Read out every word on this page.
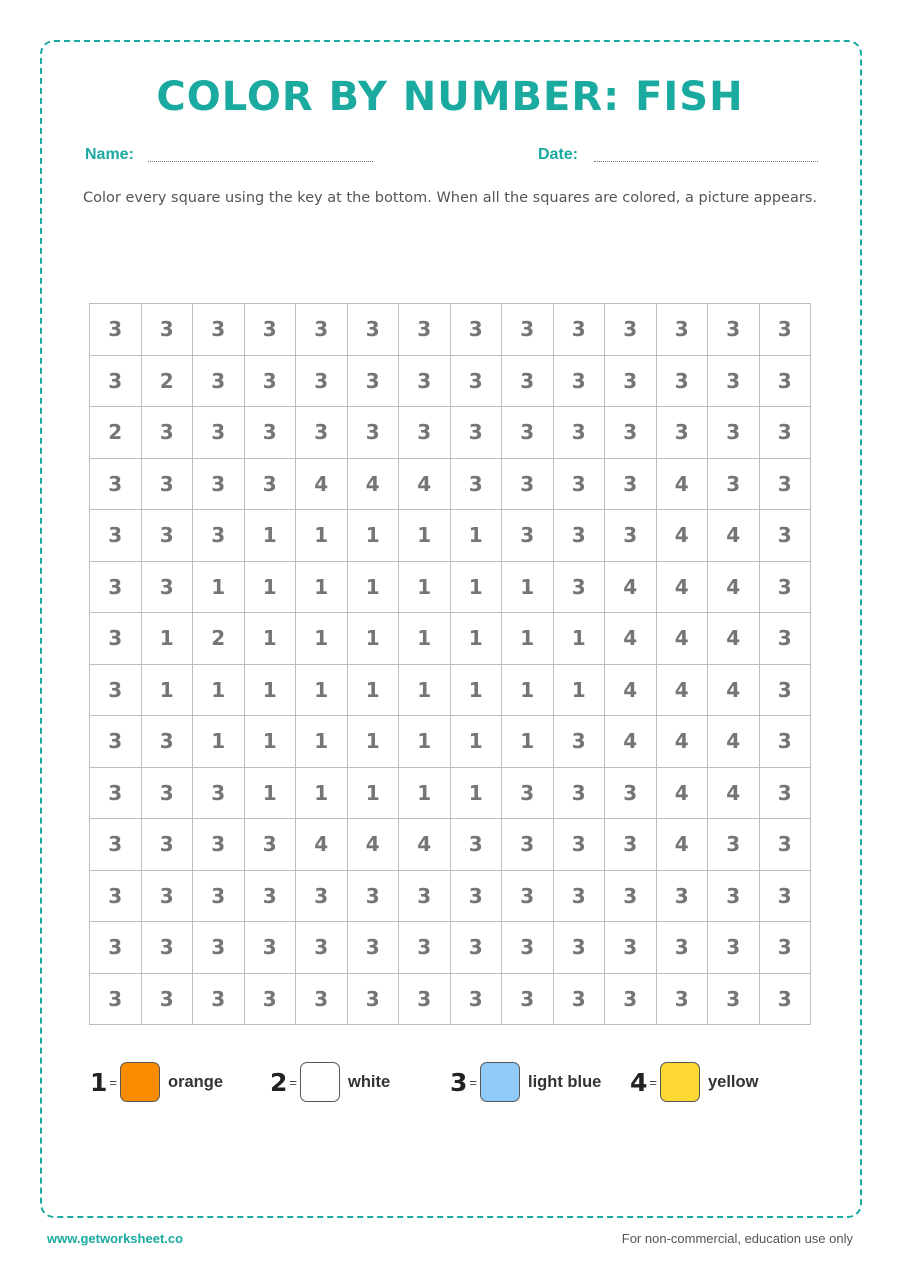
COLOR BY NUMBER: FISH
Name:	Date:

Color every square using the key at the bottom. When all the squares are colored, a picture appears.

3	3	3	3	3	3	3	3	3	3	3	3	3	3
3	2	3	3	3	3	3	3	3	3	3	3	3	3
2	3	3	3	3	3	3	3	3	3	3	3	3	3
3	3	3	3	4	4	4	3	3	3	3	4	3	3
3	3	3	1	1	1	1	1	3	3	3	4	4	3
3	3	1	1	1	1	1	1	1	3	4	4	4	3
3	1	2	1	1	1	1	1	1	1	4	4	4	3
3	1	1	1	1	1	1	1	1	1	4	4	4	3
3	3	1	1	1	1	1	1	1	3	4	4	4	3
3	3	3	1	1	1	1	1	3	3	3	4	4	3
3	3	3	3	4	4	4	3	3	3	3	4	3	3
3	3	3	3	3	3	3	3	3	3	3	3	3	3
3	3	3	3	3	3	3	3	3	3	3	3	3	3
3	3	3	3	3	3	3	3	3	3	3	3	3	3
1 =	orange 2 =	white 3 =	light blue 4 =	yellow
www.getworksheet.co	For non-commercial, education use only
